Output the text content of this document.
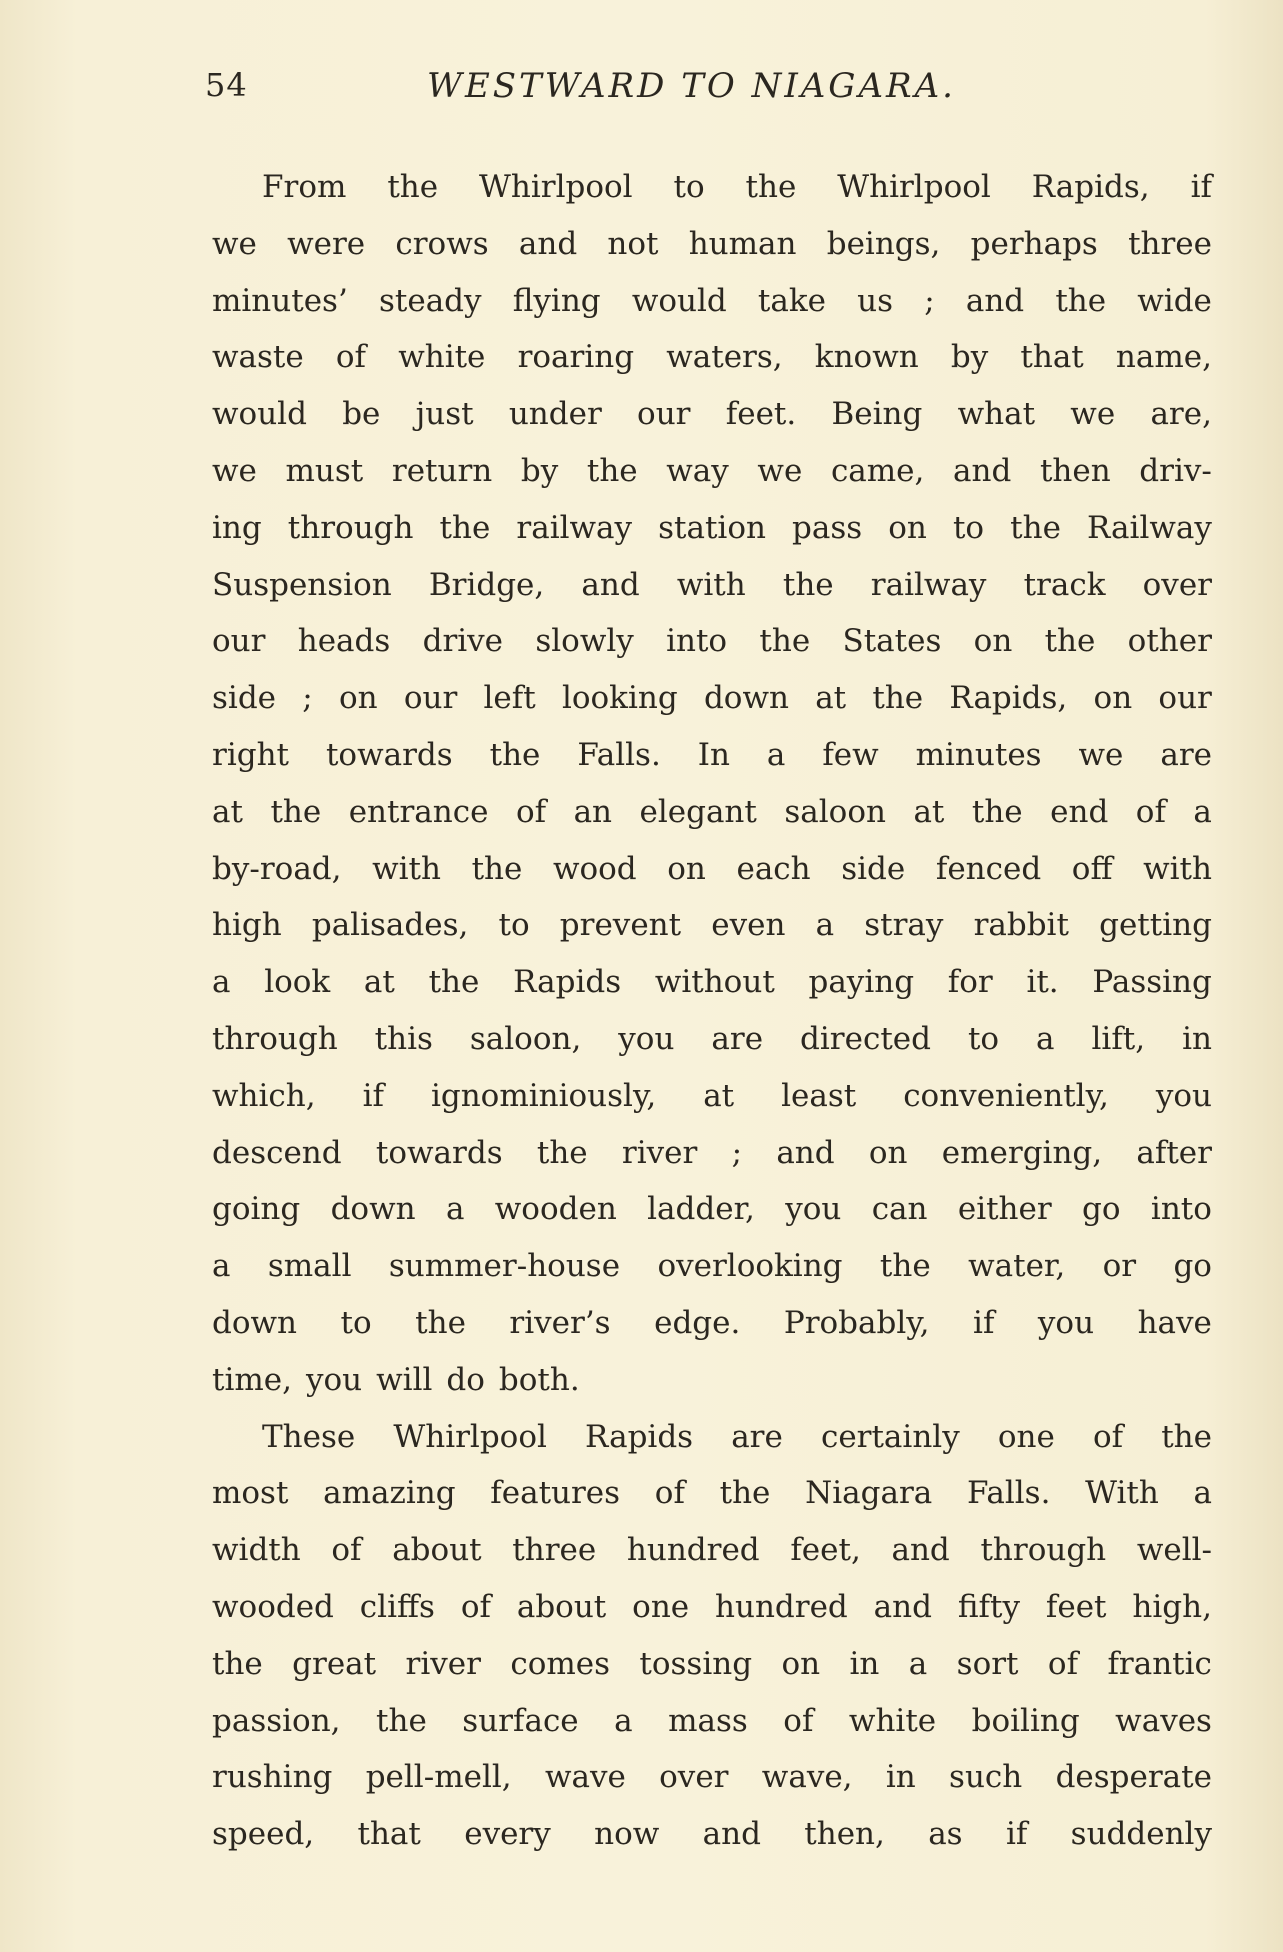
54	WESTWARD TO NIAGARA.
From the Whirlpool to the Whirlpool Rapids, if
we were crows and not human beings, perhaps three
minutes’ steady flying would take us ; and the wide
waste of white roaring waters, known by that name,
would be just under our feet. Being what we are,
we must return by the way we came, and then driv-
ing through the railway station pass on to the Railway
Suspension Bridge, and with the railway track over
our heads drive slowly into the States on the other
side ; on our left looking down at the Rapids, on our
right towards the Falls. In a few minutes we are
at the entrance of an elegant saloon at the end of a
by-road, with the wood on each side fenced off with
high palisades, to prevent even a stray rabbit getting
a look at the Rapids without paying for it. Passing
through this saloon, you are directed to a lift, in
which, if ignominiously, at least conveniently, you
descend towards the river ; and on emerging, after
going down a wooden ladder, you can either go into
a small summer-house overlooking the water, or go
down to the river’s edge. Probably, if you have
time, you will do both.
These Whirlpool Rapids are certainly one of the
most amazing features of the Niagara Falls. With a
width of about three hundred feet, and through well-
wooded cliffs of about one hundred and fifty feet high,
the great river comes tossing on in a sort of frantic
passion, the surface a mass of white boiling waves
rushing pell-mell, wave over wave, in such desperate
speed, that every now and then, as if suddenly
